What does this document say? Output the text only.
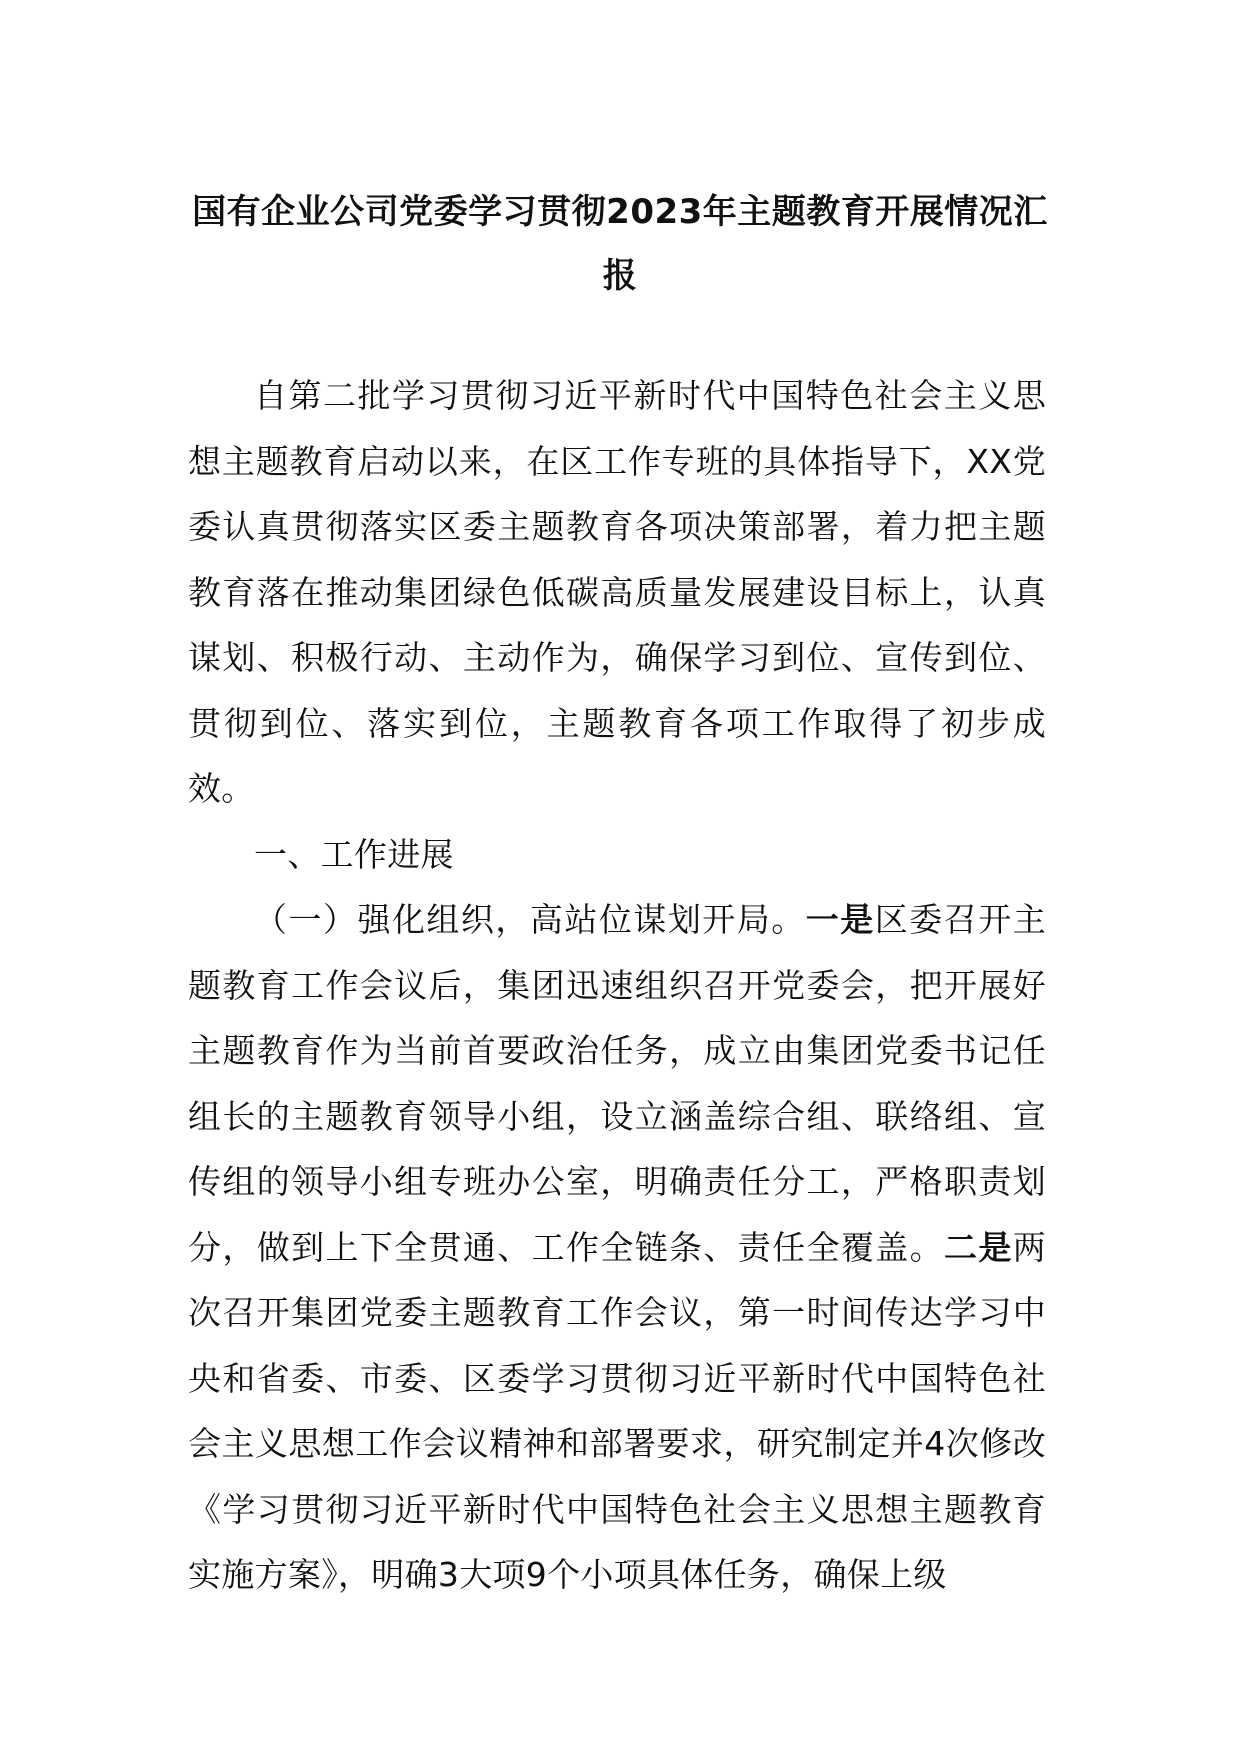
国有企业公司党委学习贯彻2023年主题教育开展情况汇报

自第二批学习贯彻习近平新时代中国特色社会主义思想主题教育启动以来，在区工作专班的具体指导下，XX党委认真贯彻落实区委主题教育各项决策部署，着力把主题教育落在推动集团绿色低碳高质量发展建设目标上，认真谋划、积极行动、主动作为，确保学习到位、宣传到位、贯彻到位、落实到位，主题教育各项工作取得了初步成效。

一、工作进展

（一）强化组织，高站位谋划开局。一是区委召开主题教育工作会议后，集团迅速组织召开党委会，把开展好主题教育作为当前首要政治任务，成立由集团党委书记任组长的主题教育领导小组，设立涵盖综合组、联络组、宣传组的领导小组专班办公室，明确责任分工，严格职责划分，做到上下全贯通、工作全链条、责任全覆盖。二是两次召开集团党委主题教育工作会议，第一时间传达学习中央和省委、市委、区委学习贯彻习近平新时代中国特色社会主义思想工作会议精神和部署要求，研究制定并4次修改《学习贯彻习近平新时代中国特色社会主义思想主题教育实施方案》，明确3大项9个小项具体任务，确保上级
